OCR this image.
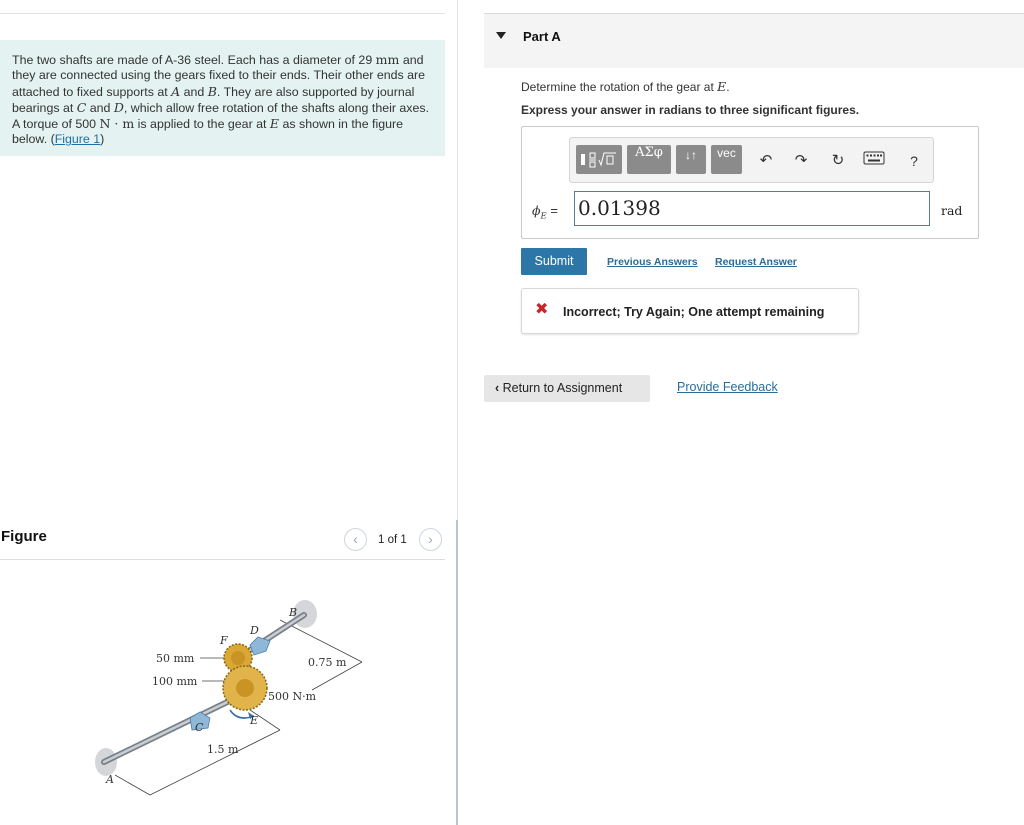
The two shafts are made of A-36 steel. Each has a diameter of 29 mm and they are connected using the gears fixed to their ends. Their other ends are attached to fixed supports at A and B. They are also supported by journal bearings at C and D, which allow free rotation of the shafts along their axes. A torque of 500 N · m is applied to the gear at E as shown in the figure below. (Figure 1)
Figure	‹	1 of 1	›
B
D
F
E
C
A
50 mm
100 mm
0.75 m
1.5 m
500 N·m
Part A
Determine the rotation of the gear at E.
Express your answer in radians to three significant figures.
ΑΣφ	↓↑	vec	↶ ↷ ↻	?
$\phi_E = 0.01398$	rad
Submit	Previous Answers Request Answer
✖ Incorrect; Try Again; One attempt remaining
‹ Return to Assignment	Provide Feedback
